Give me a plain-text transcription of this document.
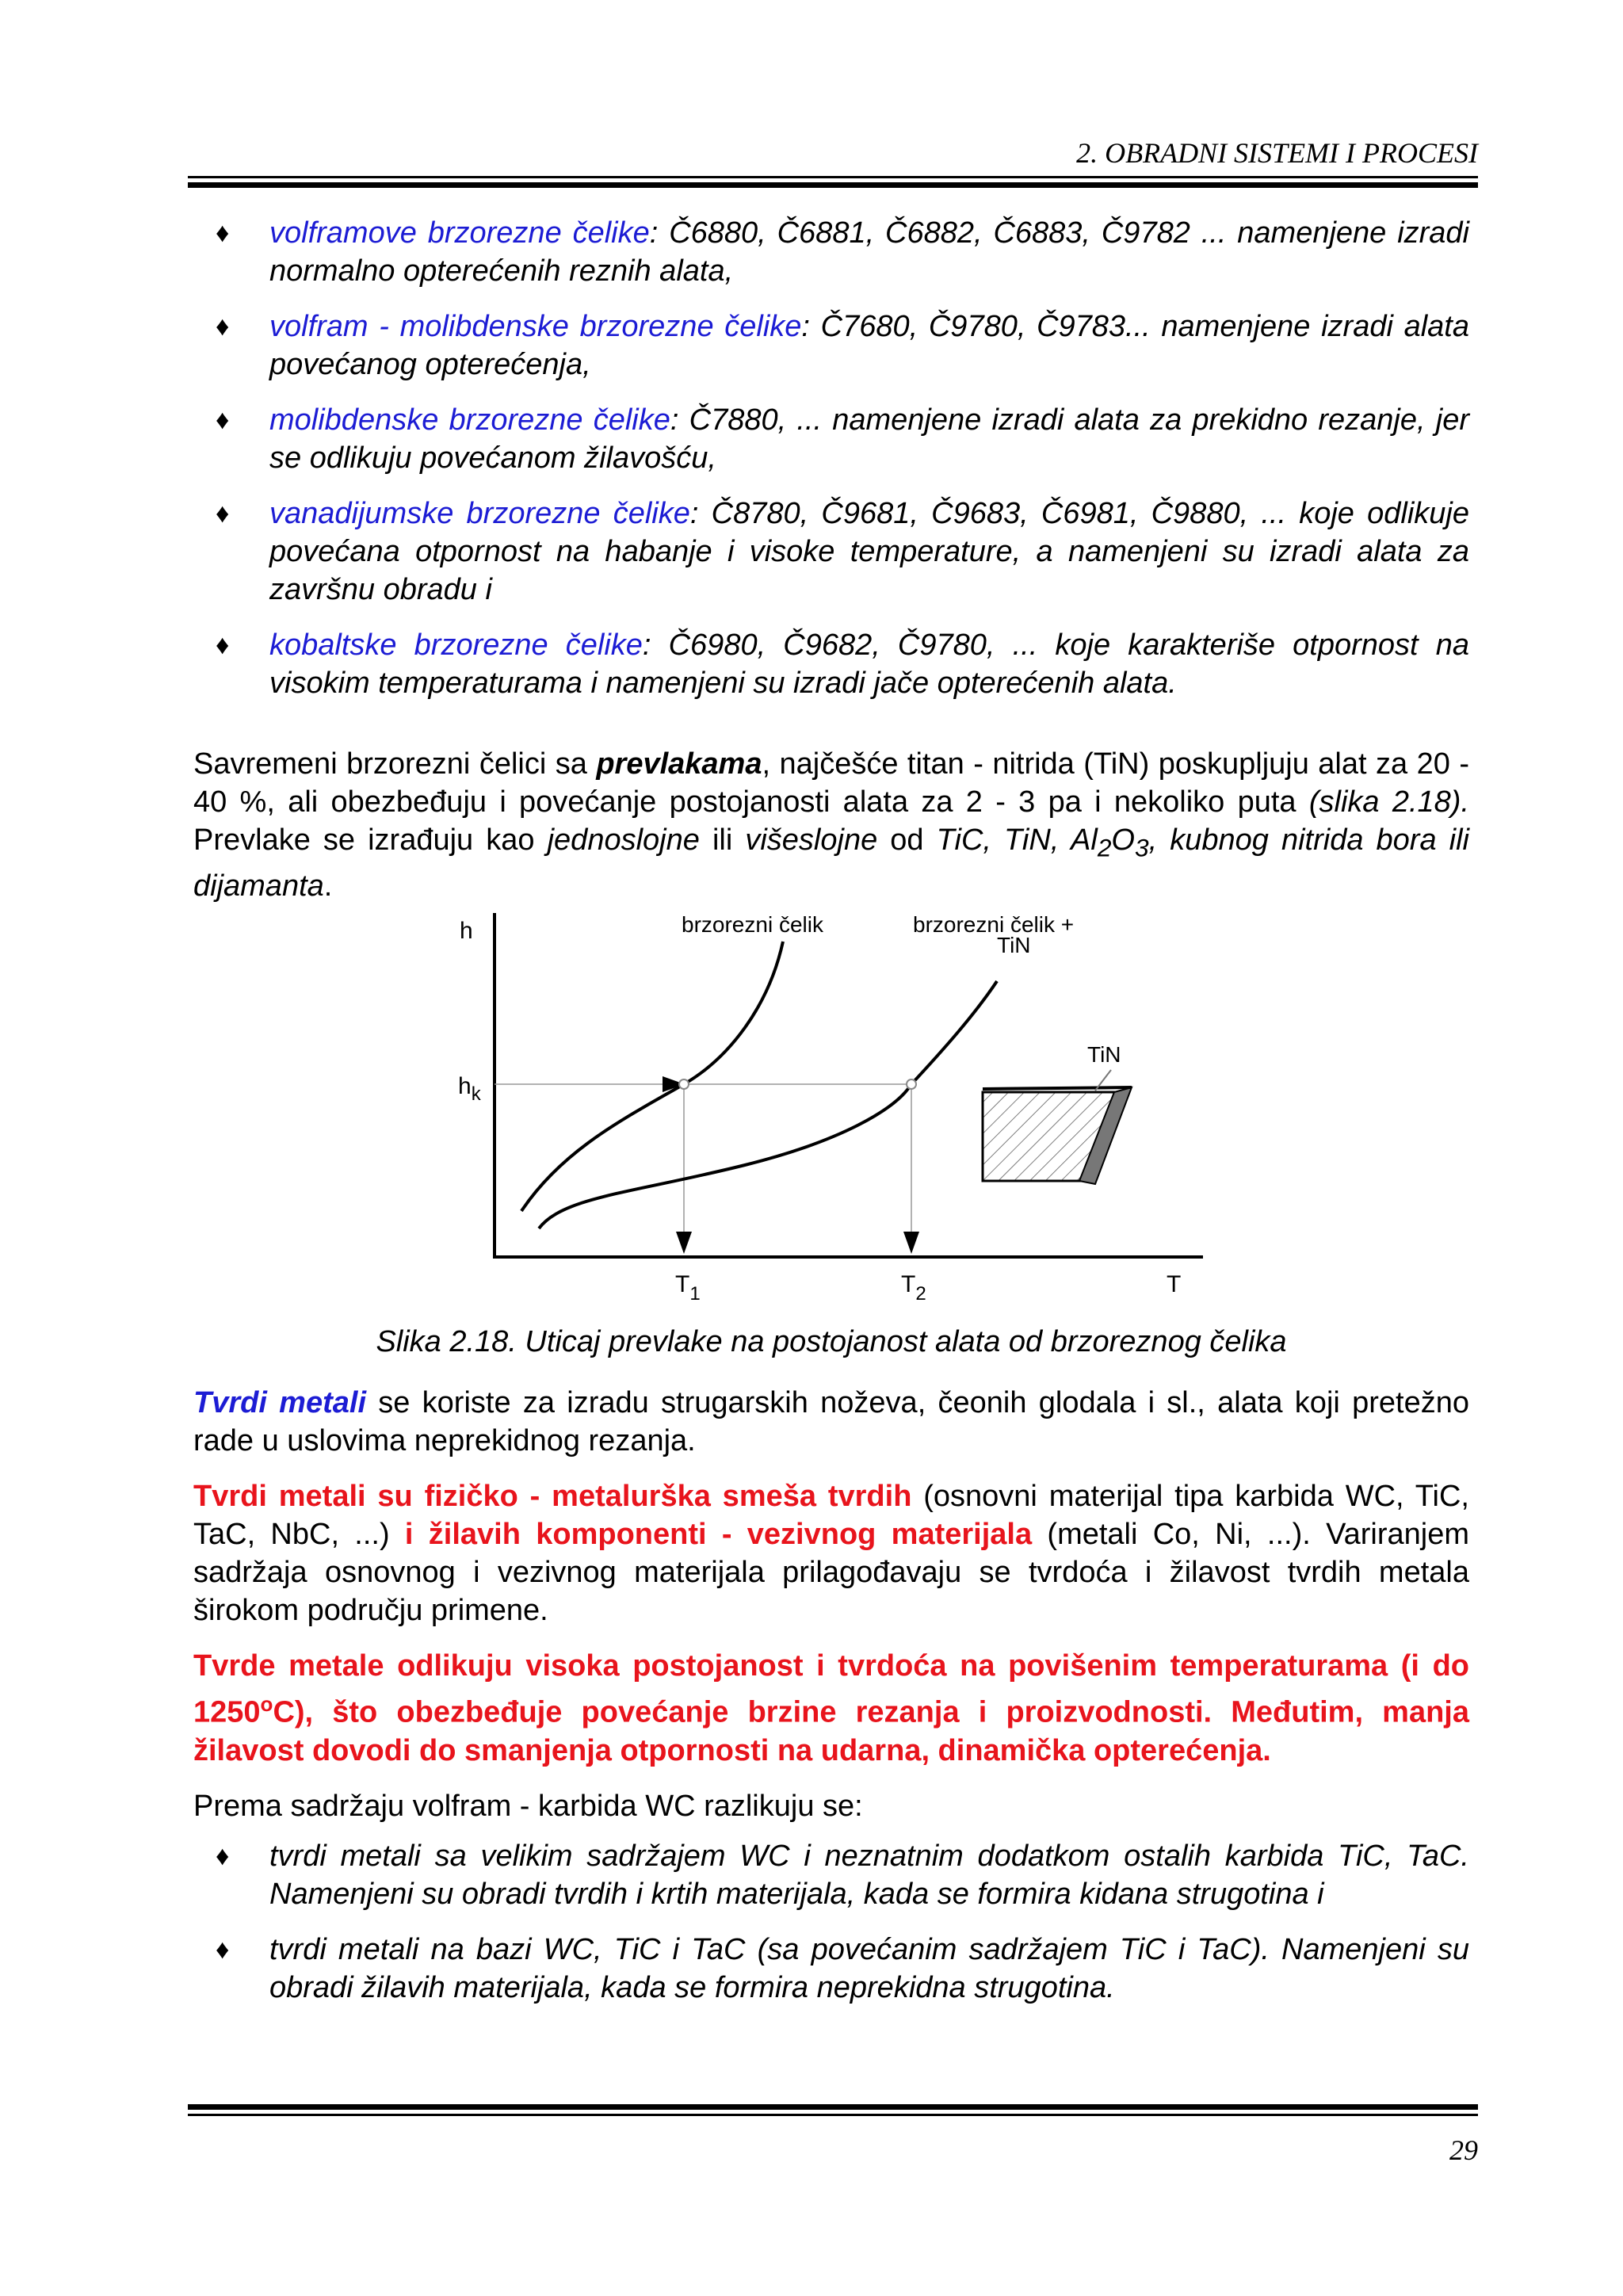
2. OBRADNI SISTEMI I PROCESI
♦ volframove brzorezne čelike: Č6880, Č6881, Č6882, Č6883, Č9782 ... namenjene izradi normalno opterećenih reznih alata,
♦ volfram - molibdenske brzorezne čelike: Č7680, Č9780, Č9783... namenjene izradi alata povećanog opterećenja,
♦ molibdenske brzorezne čelike: Č7880, ... namenjene izradi alata za prekidno rezanje, jer se odlikuju povećanom žilavošću,
♦ vanadijumske brzorezne čelike: Č8780, Č9681, Č9683, Č6981, Č9880, ... koje odlikuje povećana otpornost na habanje i visoke temperature, a namenjeni su izradi alata za završnu obradu i
♦ kobaltske brzorezne čelike: Č6980, Č9682, Č9780, ... koje karakteriše otpornost na visokim temperaturama i namenjeni su izradi jače opterećenih alata.

Savremeni brzorezni čelici sa prevlakama, najčešće titan - nitrida (TiN) poskupljuju alat za 20 - 40 %, ali obezbeđuju i povećanje postojanosti alata za 2 - 3 pa i nekoliko puta (slika 2.18). Prevlake se izrađuju kao jednoslojne ili višeslojne od TiC, TiN, $Al_2O_3$, kubnog nitrida bora ili dijamanta.

h
$h_k$
T
$T_1$	$T_2$
brzorezni čelik	brzorezni čelik +
TiN
TiN
Slika 2.18. Uticaj prevlake na postojanost alata od brzoreznog čelika

Tvrdi metali se koriste za izradu strugarskih noževa, čeonih glodala i sl., alata koji pretežno rade u uslovima neprekidnog rezanja.

Tvrdi metali su fizičko - metalurška smeša tvrdih (osnovni materijal tipa karbida WC, TiC, TaC, NbC, ...) i žilavih komponenti - vezivnog materijala (metali Co, Ni, ...). Variranjem sadržaja osnovnog i vezivnog materijala prilagođavaju se tvrdoća i žilavost tvrdih metala širokom području primene.

Tvrde metale odlikuju visoka postojanost i tvrdoća na povišenim temperaturama (i do 1250$^o$C), što obezbeđuje povećanje brzine rezanja i proizvodnosti. Međutim, manja žilavost dovodi do smanjenja otpornosti na udarna, dinamička opterećenja.

Prema sadržaju volfram - karbida WC razlikuju se:

♦ tvrdi metali sa velikim sadržajem WC i neznatnim dodatkom ostalih karbida TiC, TaC. Namenjeni su obradi tvrdih i krtih materijala, kada se formira kidana strugotina i
♦ tvrdi metali na bazi WC, TiC i TaC (sa povećanim sadržajem TiC i TaC). Namenjeni su obradi žilavih materijala, kada se formira neprekidna strugotina.
29
